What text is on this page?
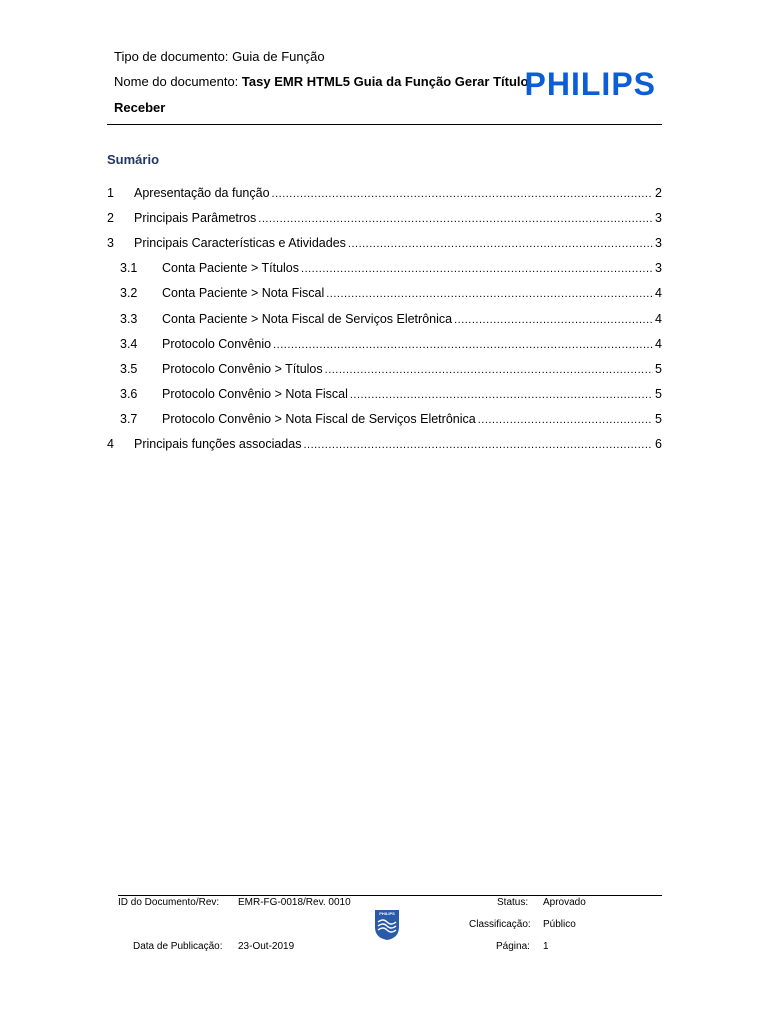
Tipo de documento: Guia de Função
Nome do documento: Tasy EMR HTML5 Guia da Função Gerar Título
Receber
PHILIPS
Sumário
1	Apresentação da função .....	2
2	Principais Parâmetros .....	3
3	Principais Características e Atividades .....	3
3.1	Conta Paciente > Títulos .....	3
3.2	Conta Paciente > Nota Fiscal .....	4
3.3	Conta Paciente > Nota Fiscal de Serviços Eletrônica .....	4
3.4	Protocolo Convênio .....	4
3.5	Protocolo Convênio > Títulos .....	5
3.6	Protocolo Convênio > Nota Fiscal .....	5
3.7	Protocolo Convênio > Nota Fiscal de Serviços Eletrônica .....	5
4	Principais funções associadas .....	6
ID do Documento/Rev: EMR-FG-0018/Rev. 0010
Data de Publicação: 23-Out-2019
PHILIPS
Status: Aprovado
Classificação: Público
Página: 1
